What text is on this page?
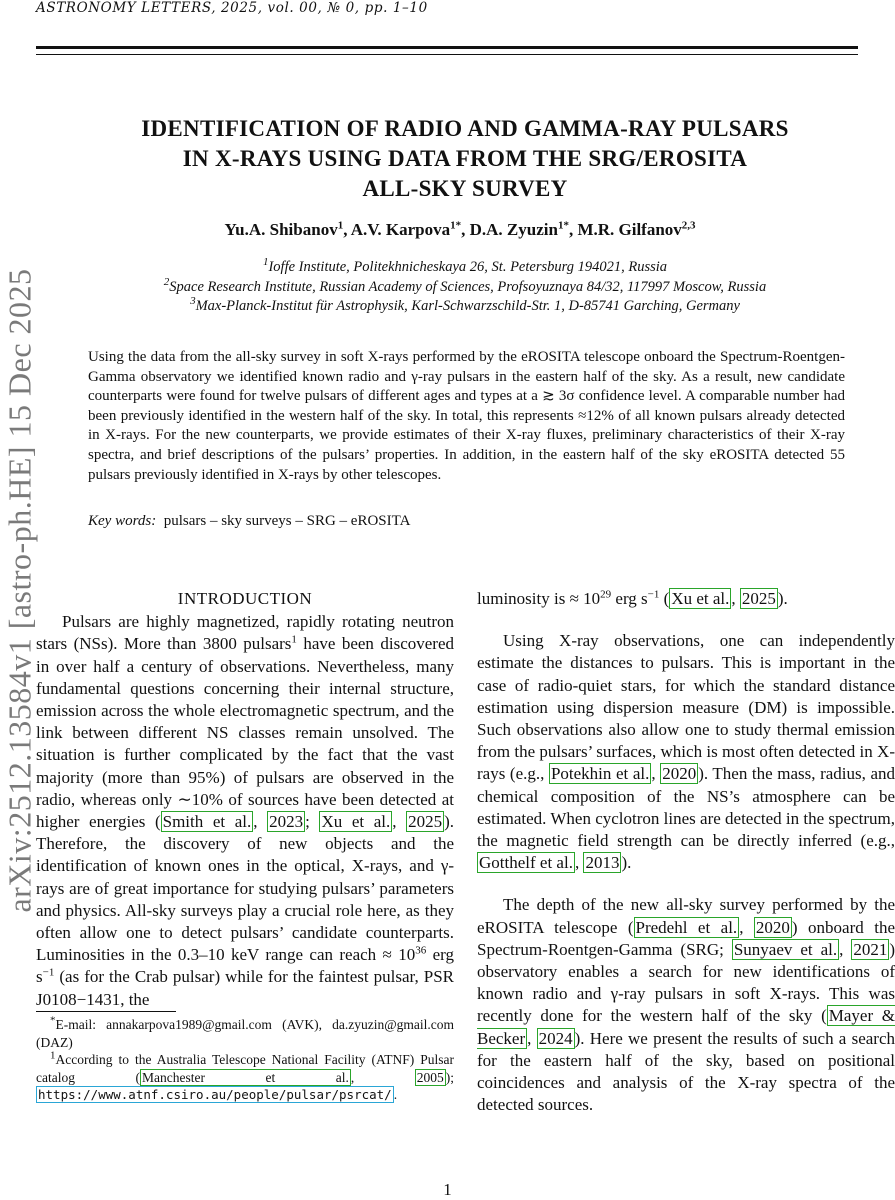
ASTRONOMY LETTERS, 2025, vol. 00, № 0, pp. 1–10
arXiv:2512.13584v1 [astro-ph.HE] 15 Dec 2025
IDENTIFICATION OF RADIO AND GAMMA-RAY PULSARS
IN X-RAYS USING DATA FROM THE SRG/EROSITA
ALL-SKY SURVEY
Yu.A. Shibanov$^1$, A.V. Karpova$^{1*}$, D.A. Zyuzin$^{1*}$, M.R. Gilfanov$^{2,3}$
$^1$Ioffe Institute, Politekhnicheskaya 26, St. Petersburg 194021, Russia
$^2$Space Research Institute, Russian Academy of Sciences, Profsoyuznaya 84/32, 117997 Moscow, Russia
$^3$Max-Planck-Institut für Astrophysik, Karl-Schwarzschild-Str. 1, D-85741 Garching, Germany
Using the data from the all-sky survey in soft X-rays performed by the eROSITA telescope onboard the Spectrum-Roentgen-Gamma observatory we identified known radio and γ-ray pulsars in the eastern half of the sky. As a result, new candidate counterparts were found for twelve pulsars of different ages and types at a ≳ 3σ confidence level. A comparable number had been previously identified in the western half of the sky. In total, this represents ≈12% of all known pulsars already detected in X-rays. For the new counterparts, we provide estimates of their X-ray fluxes, preliminary characteristics of their X-ray spectra, and brief descriptions of the pulsars’ properties. In addition, in the eastern half of the sky eROSITA detected 55 pulsars previously identified in X-rays by other telescopes.
Key words: pulsars – sky surveys – SRG – eROSITA
INTRODUCTION

Pulsars are highly magnetized, rapidly rotating neutron stars (NSs). More than 3800 pulsars$^1$ have been discovered in over half a century of observations. Nevertheless, many fundamental questions concerning their internal structure, emission across the whole electromagnetic spectrum, and the link between different NS classes remain unsolved. The situation is further complicated by the fact that the vast majority (more than 95%) of pulsars are observed in the radio, whereas only ∼10% of sources have been detected at higher energies ( Smith et al. , 2023 ; Xu et al. , 2025 ). Therefore, the discovery of new objects and the identification of known ones in the optical, X-rays, and γ-rays are of great importance for studying pulsars’ parameters and physics. All-sky surveys play a crucial role here, as they often allow one to detect pulsars’ candidate counterparts. Luminosities in the 0.3–10 keV range can reach ≈ $10^{36}$ erg $s^{-1}$ (as for the Crab pulsar) while for the faintest pulsar, PSR J0108−1431, the

luminosity is ≈ $10^{29}$ erg $s^{-1}$ ( Xu et al. , 2025 ).

Using X-ray observations, one can independently estimate the distances to pulsars. This is important in the case of radio-quiet stars, for which the standard distance estimation using dispersion measure (DM) is impossible. Such observations also allow one to study thermal emission from the pulsars’ surfaces, which is most often detected in X-rays (e.g., Potekhin et al. , 2020 ). Then the mass, radius, and chemical composition of the NS’s atmosphere can be estimated. When cyclotron lines are detected in the spectrum, the magnetic field strength can be directly inferred (e.g., Gotthelf et al. , 2013 ).

The depth of the new all-sky survey performed by the eROSITA telescope ( Predehl et al. , 2020 ) onboard the Spectrum-Roentgen-Gamma (SRG; Sunyaev et al. , 2021 ) observatory enables a search for new identifications of known radio and γ-ray pulsars in soft X-rays. This was recently done for the western half of the sky ( Mayer & Becker , 2024 ). Here we present the results of such a search for the eastern half of the sky, based on positional coincidences and analysis of the X-ray spectra of the detected sources.

*E-mail: annakarpova1989@gmail.com (AVK), da.zyuzin@gmail.com (DAZ)

$^1$According to the Australia Telescope National Facility (ATNF) Pulsar catalog ( Manchester et al. , 2005 ); https://www.atnf.csiro.au/people/pulsar/psrcat/ .

1
